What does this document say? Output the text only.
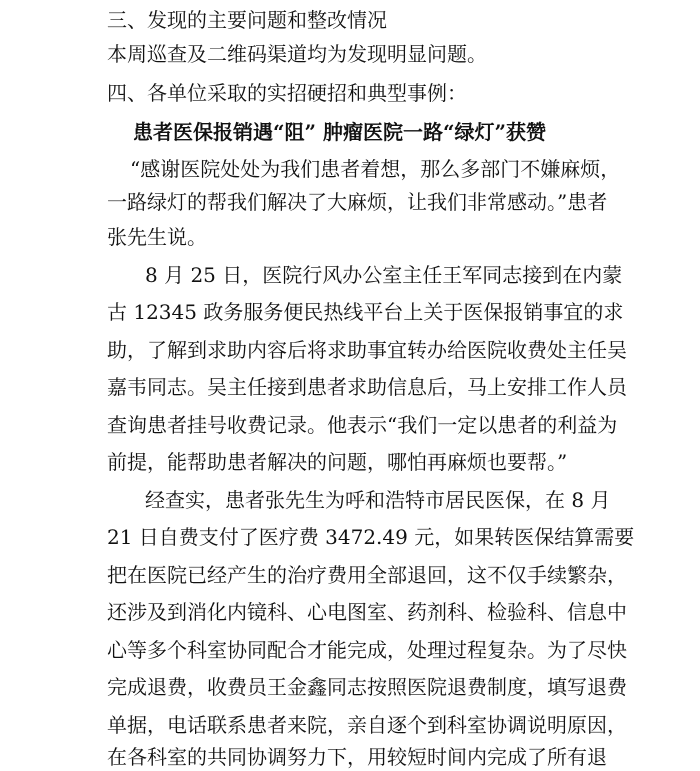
三、发现的主要问题和整改情况
本周巡查及二维码渠道均为发现明显问题。
四、各单位采取的实招硬招和典型事例：
患者医保报销遇“阻” 肿瘤医院一路“绿灯”获赞
“感谢医院处处为我们患者着想，那么多部门不嫌麻烦，
一路绿灯的帮我们解决了大麻烦，让我们非常感动。”患者
张先生说。
8 月 25 日，医院行风办公室主任王军同志接到在内蒙
古 12345 政务服务便民热线平台上关于医保报销事宜的求
助，了解到求助内容后将求助事宜转办给医院收费处主任吴
嘉韦同志。吴主任接到患者求助信息后，马上安排工作人员
查询患者挂号收费记录。他表示“我们一定以患者的利益为
前提，能帮助患者解决的问题，哪怕再麻烦也要帮。”
经查实，患者张先生为呼和浩特市居民医保，在 8 月
21 日自费支付了医疗费 3472.49 元，如果转医保结算需要
把在医院已经产生的治疗费用全部退回，这不仅手续繁杂，
还涉及到消化内镜科、心电图室、药剂科、检验科、信息中
心等多个科室协同配合才能完成，处理过程复杂。为了尽快
完成退费，收费员王金鑫同志按照医院退费制度，填写退费
单据，电话联系患者来院，亲自逐个到科室协调说明原因，
在各科室的共同协调努力下，用较短时间内完成了所有退
